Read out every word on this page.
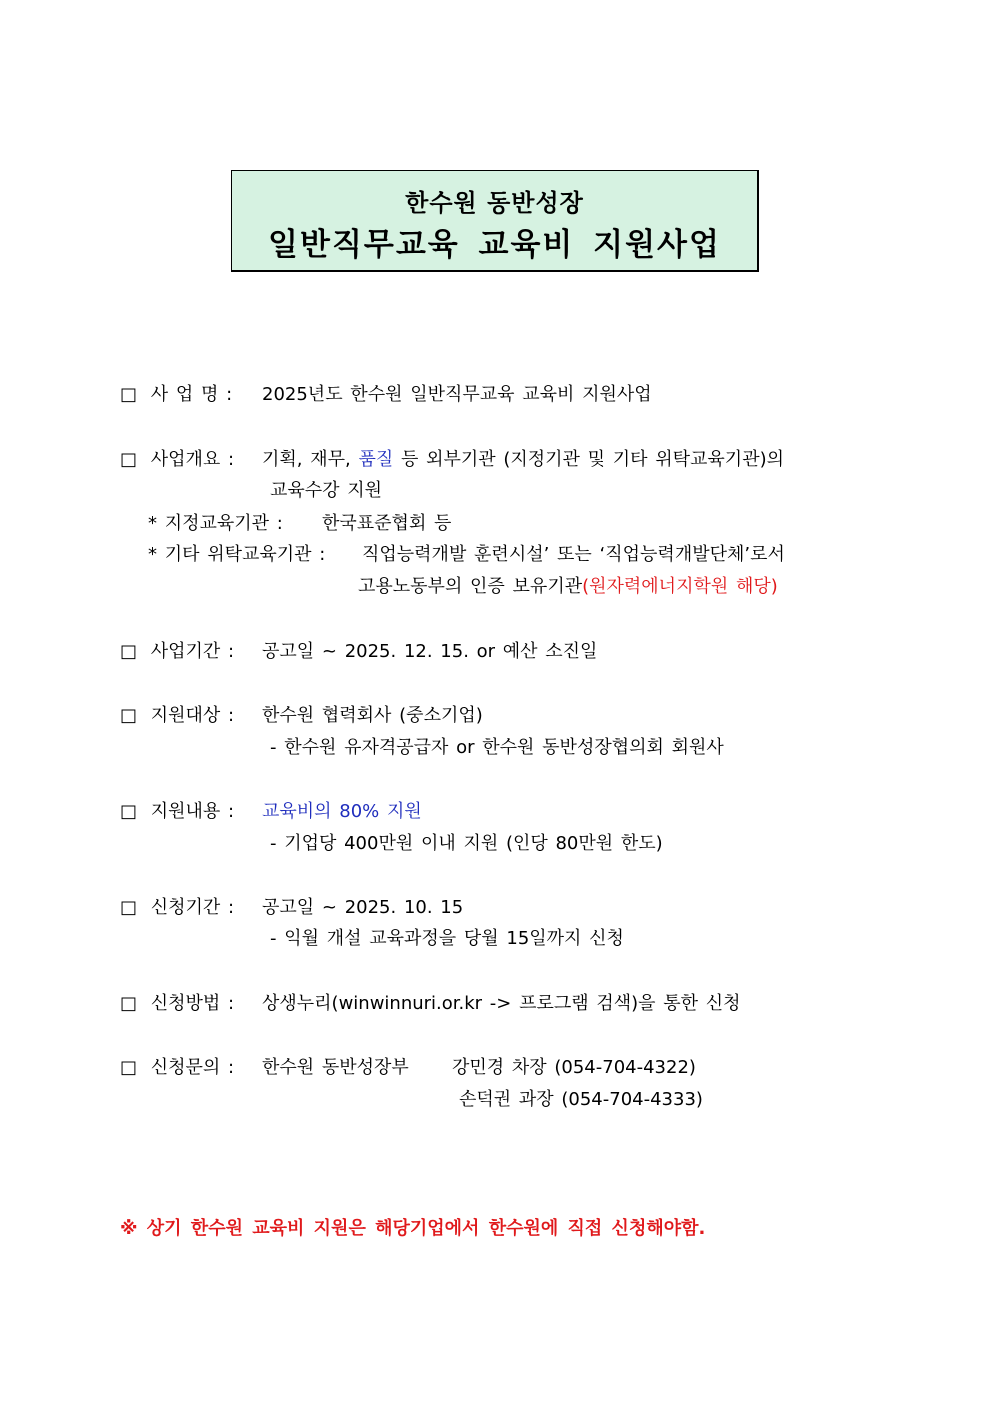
한수원 동반성장
일반직무교육 교육비 지원사업
□ 사 업 명 : 2025년도 한수원 일반직무교육 교육비 지원사업
□ 사업개요 : 기획, 재무, 품질 등 외부기관 (지정기관 및 기타 위탁교육기관)의
교육수강 지원
* 지정교육기관 : 한국표준협회 등
* 기타 위탁교육기관 : 직업능력개발 훈련시설’ 또는 ‘직업능력개발단체’로서
고용노동부의 인증 보유기관(원자력에너지학원 해당)
□ 사업기간 : 공고일 ~ 2025. 12. 15. or 예산 소진일
□ 지원대상 : 한수원 협력회사 (중소기업)
- 한수원 유자격공급자 or 한수원 동반성장협의회 회원사
□ 지원내용 : 교육비의 80% 지원
- 기업당 400만원 이내 지원 (인당 80만원 한도)
□ 신청기간 : 공고일 ~ 2025. 10. 15
- 익월 개설 교육과정을 당월 15일까지 신청
□ 신청방법 : 상생누리(winwinnuri.or.kr -> 프로그램 검색)을 통한 신청
□ 신청문의 : 한수원 동반성장부 강민경 차장 (054-704-4322)
손덕권 과장 (054-704-4333)
※ 상기 한수원 교육비 지원은 해당기업에서 한수원에 직접 신청해야함.
